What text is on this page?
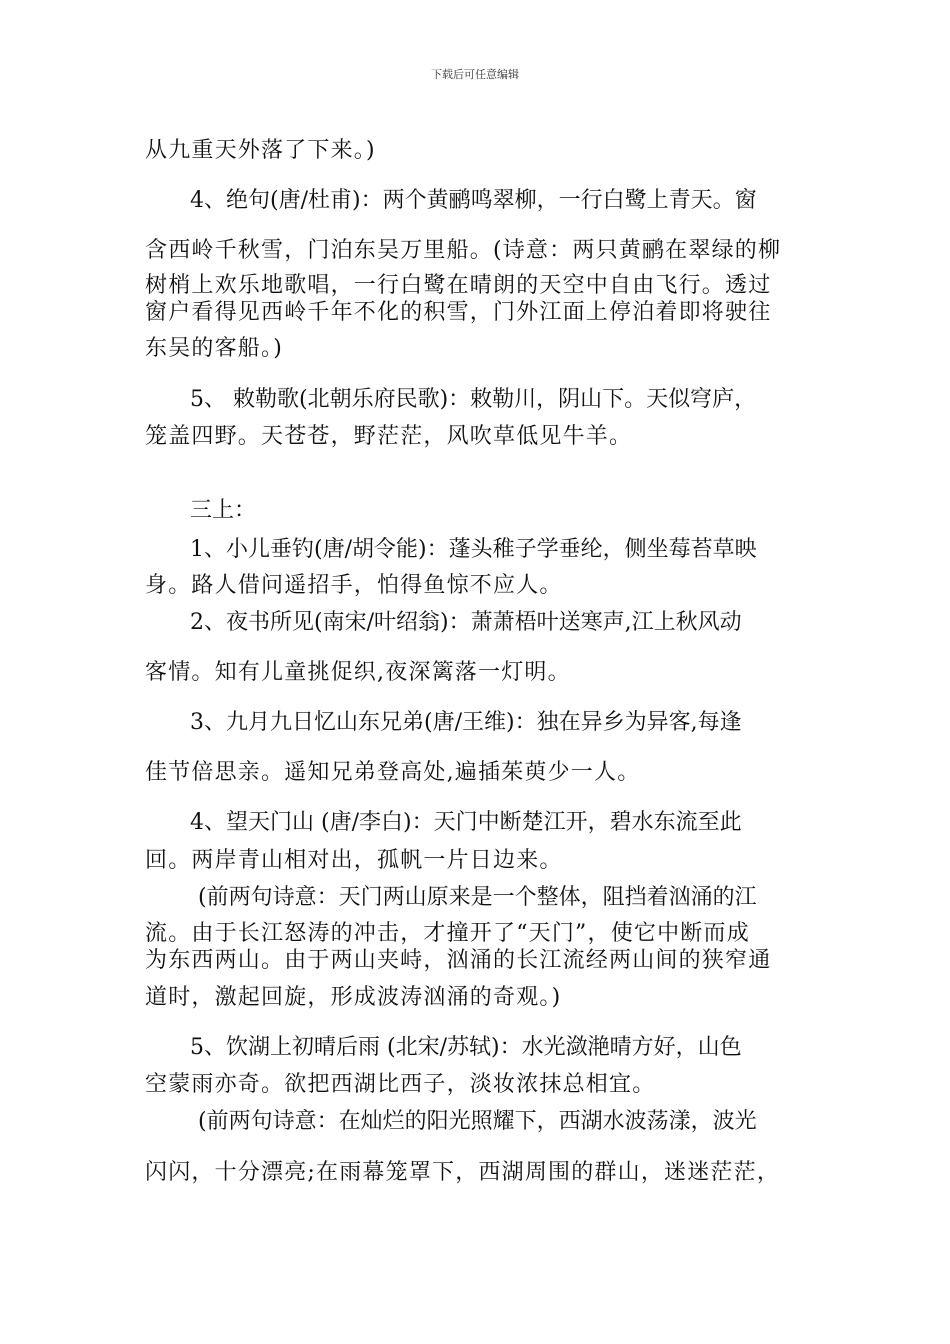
下载后可任意编辑
从九重天外落了下来。)
4、绝句(唐/杜甫)：两个黄鹂鸣翠柳，一行白鹭上青天。窗
含西岭千秋雪，门泊东吴万里船。(诗意：两只黄鹂在翠绿的柳
树梢上欢乐地歌唱，一行白鹭在晴朗的天空中自由飞行。透过
窗户看得见西岭千年不化的积雪，门外江面上停泊着即将驶往
东吴的客船。)
5、 敕勒歌(北朝乐府民歌)：敕勒川，阴山下。天似穹庐，
笼盖四野。天苍苍，野茫茫，风吹草低见牛羊。
三上：
1、小儿垂钓(唐/胡令能)：蓬头稚子学垂纶，侧坐莓苔草映
身。路人借问遥招手，怕得鱼惊不应人。
2、夜书所见(南宋/叶绍翁)：萧萧梧叶送寒声,江上秋风动
客情。知有儿童挑促织,夜深篱落一灯明。
3、九月九日忆山东兄弟(唐/王维)：独在异乡为异客,每逢
佳节倍思亲。遥知兄弟登高处,遍插茱萸少一人。
4、望天门山 (唐/李白)：天门中断楚江开，碧水东流至此
回。两岸青山相对出，孤帆一片日边来。
(前两句诗意：天门两山原来是一个整体，阻挡着汹涌的江
流。由于长江怒涛的冲击，才撞开了“天门”，使它中断而成
为东西两山。由于两山夹峙，汹涌的长江流经两山间的狭窄通
道时，激起回旋，形成波涛汹涌的奇观。)
5、饮湖上初晴后雨 (北宋/苏轼)：水光潋滟晴方好，山色
空蒙雨亦奇。欲把西湖比西子，淡妆浓抹总相宜。
(前两句诗意：在灿烂的阳光照耀下，西湖水波荡漾，波光
闪闪，十分漂亮;在雨幕笼罩下，西湖周围的群山，迷迷茫茫，
